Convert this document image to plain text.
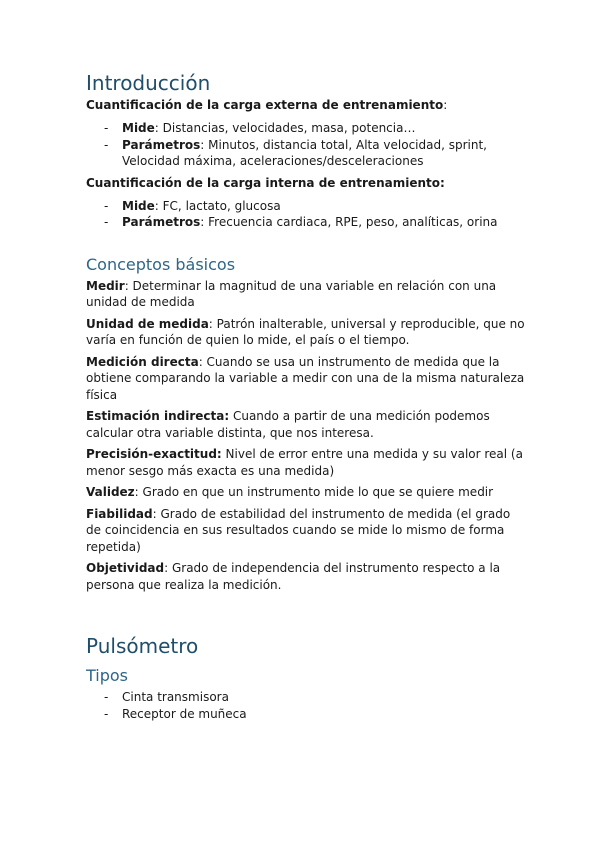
Introducción

Cuantificación de la carga externa de entrenamiento:

- Mide: Distancias, velocidades, masa, potencia…
- Parámetros: Minutos, distancia total, Alta velocidad, sprint, Velocidad máxima, aceleraciones/desceleraciones

Cuantificación de la carga interna de entrenamiento:

- Mide: FC, lactato, glucosa
- Parámetros: Frecuencia cardiaca, RPE, peso, analíticas, orina
Conceptos básicos

Medir: Determinar la magnitud de una variable en relación con una unidad de medida

Unidad de medida: Patrón inalterable, universal y reproducible, que no varía en función de quien lo mide, el país o el tiempo.

Medición directa: Cuando se usa un instrumento de medida que la obtiene comparando la variable a medir con una de la misma naturaleza física

Estimación indirecta: Cuando a partir de una medición podemos calcular otra variable distinta, que nos interesa.

Precisión-exactitud: Nivel de error entre una medida y su valor real (a menor sesgo más exacta es una medida)

Validez: Grado en que un instrumento mide lo que se quiere medir

Fiabilidad: Grado de estabilidad del instrumento de medida (el grado de coincidencia en sus resultados cuando se mide lo mismo de forma repetida)

Objetividad: Grado de independencia del instrumento respecto a la persona que realiza la medición.

Pulsómetro
Tipos
- Cinta transmisora
- Receptor de muñeca
